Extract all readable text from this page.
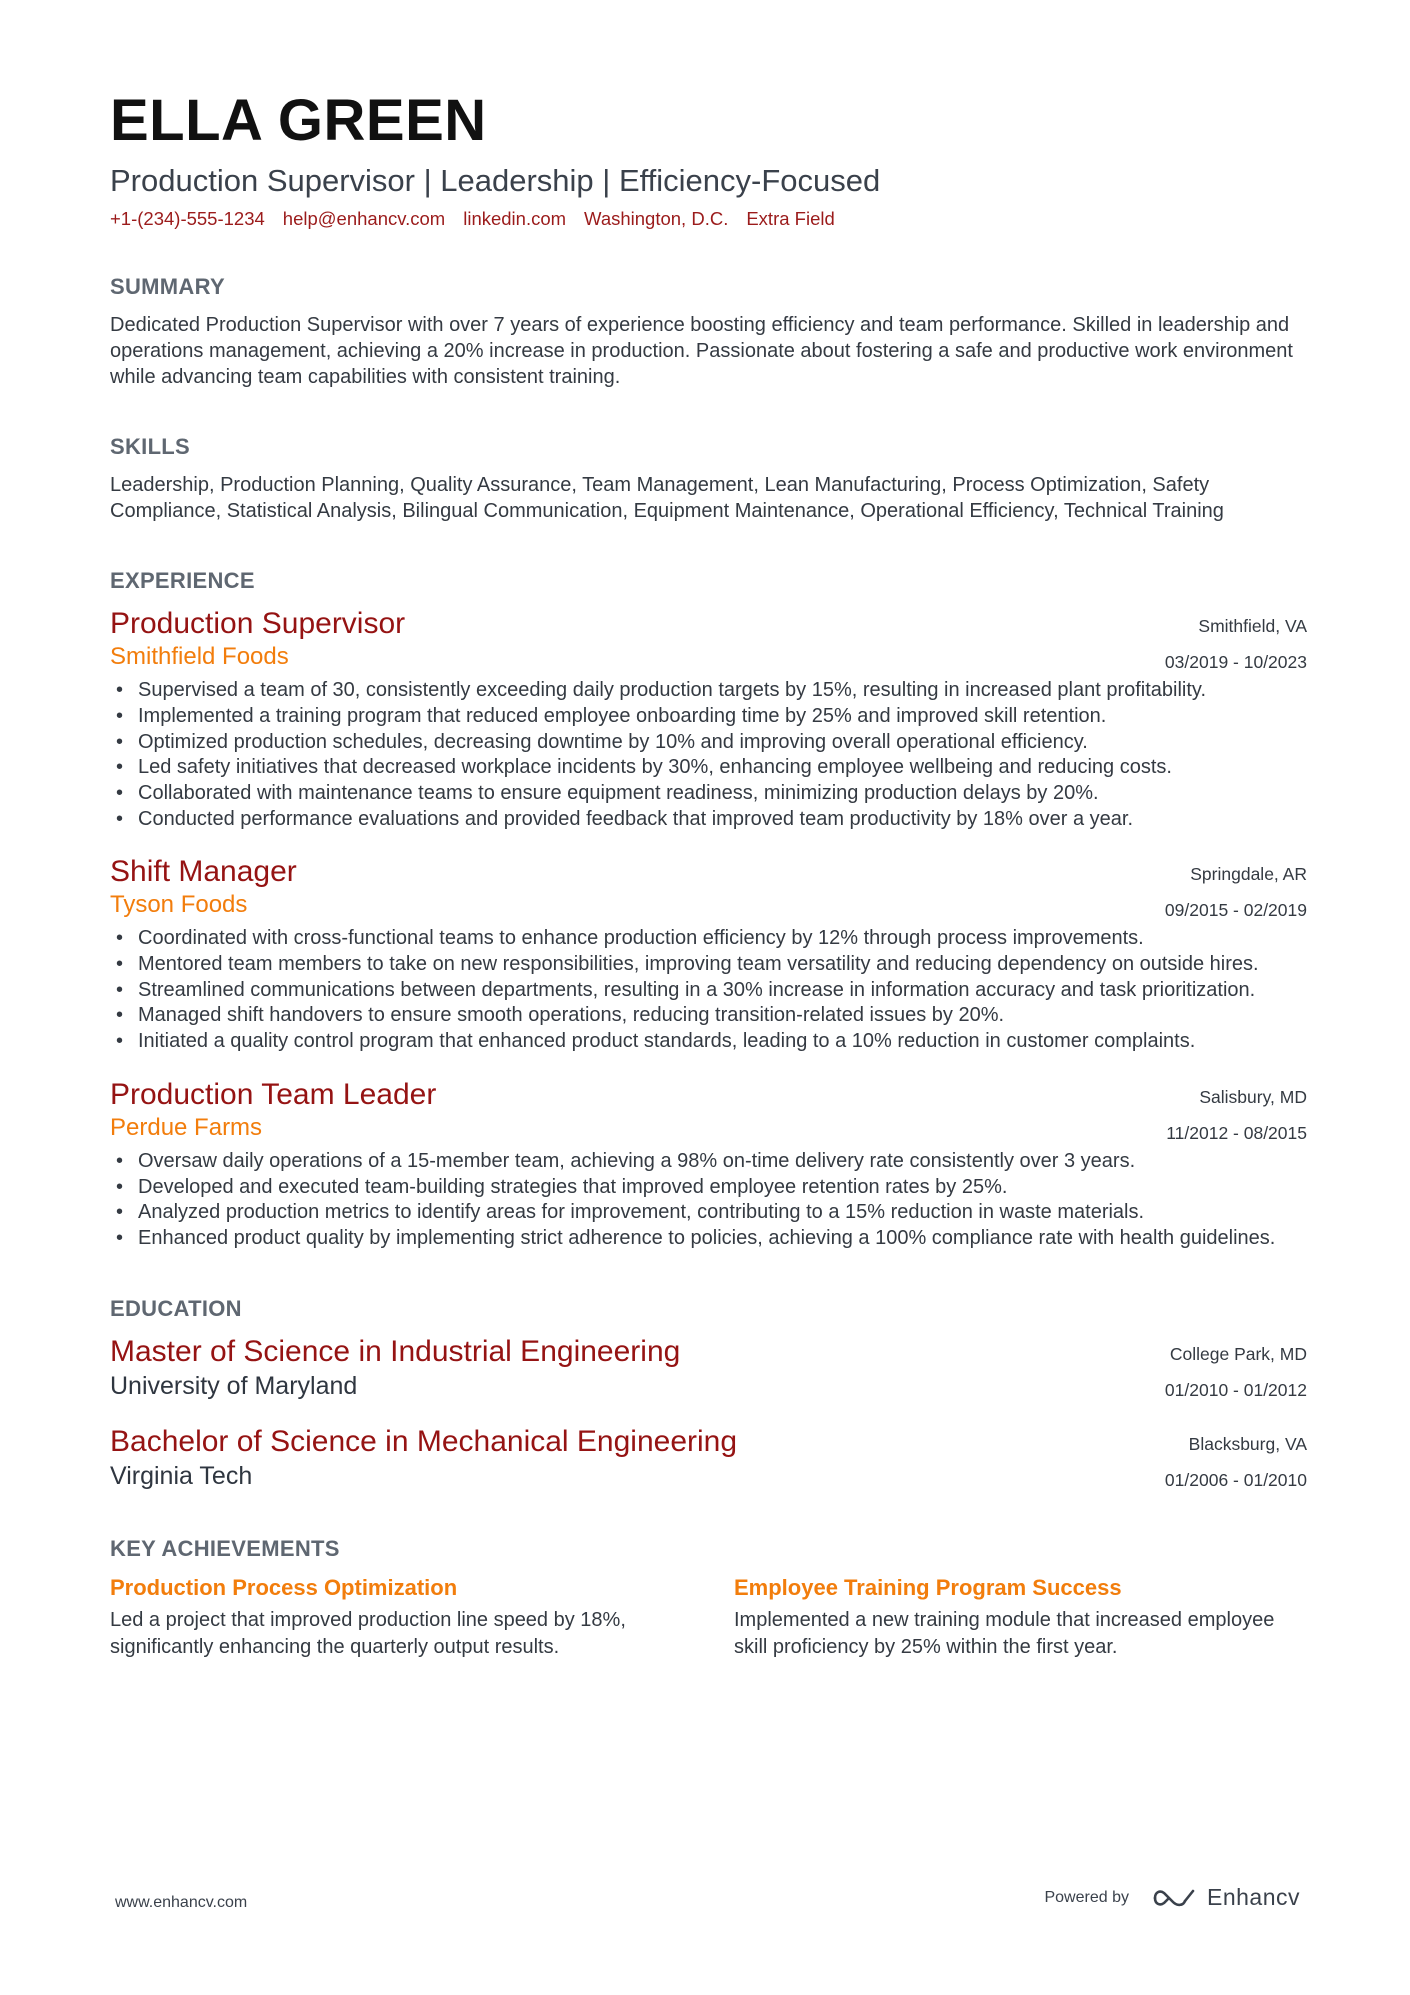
ELLA GREEN
Production Supervisor | Leadership | Efficiency-Focused
+1-(234)-555-1234 help@enhancv.com linkedin.com Washington, D.C. Extra Field
SUMMARY
Dedicated Production Supervisor with over 7 years of experience boosting efficiency and team performance. Skilled in leadership and operations management, achieving a 20% increase in production. Passionate about fostering a safe and productive work environment while advancing team capabilities with consistent training.
SKILLS
Leadership, Production Planning, Quality Assurance, Team Management, Lean Manufacturing, Process Optimization, Safety Compliance, Statistical Analysis, Bilingual Communication, Equipment Maintenance, Operational Efficiency, Technical Training
EXPERIENCE
Production Supervisor
Smithfield Foods
Smithfield, VA
03/2019 - 10/2023
• Supervised a team of 30, consistently exceeding daily production targets by 15%, resulting in increased plant profitability.
• Implemented a training program that reduced employee onboarding time by 25% and improved skill retention.
• Optimized production schedules, decreasing downtime by 10% and improving overall operational efficiency.
• Led safety initiatives that decreased workplace incidents by 30%, enhancing employee wellbeing and reducing costs.
• Collaborated with maintenance teams to ensure equipment readiness, minimizing production delays by 20%.
• Conducted performance evaluations and provided feedback that improved team productivity by 18% over a year.
Shift Manager
Tyson Foods
Springdale, AR
09/2015 - 02/2019
• Coordinated with cross-functional teams to enhance production efficiency by 12% through process improvements.
• Mentored team members to take on new responsibilities, improving team versatility and reducing dependency on outside hires.
• Streamlined communications between departments, resulting in a 30% increase in information accuracy and task prioritization.
• Managed shift handovers to ensure smooth operations, reducing transition-related issues by 20%.
• Initiated a quality control program that enhanced product standards, leading to a 10% reduction in customer complaints.
Production Team Leader
Perdue Farms
Salisbury, MD
11/2012 - 08/2015
• Oversaw daily operations of a 15-member team, achieving a 98% on-time delivery rate consistently over 3 years.
• Developed and executed team-building strategies that improved employee retention rates by 25%.
• Analyzed production metrics to identify areas for improvement, contributing to a 15% reduction in waste materials.
• Enhanced product quality by implementing strict adherence to policies, achieving a 100% compliance rate with health guidelines.
EDUCATION
Master of Science in Industrial Engineering
University of Maryland
College Park, MD
01/2010 - 01/2012
Bachelor of Science in Mechanical Engineering
Virginia Tech
Blacksburg, VA
01/2006 - 01/2010
KEY ACHIEVEMENTS
Production Process Optimization
Led a project that improved production line speed by 18%, significantly enhancing the quarterly output results.
Employee Training Program Success
Implemented a new training module that increased employee skill proficiency by 25% within the first year.
www.enhancv.com	Powered by	Enhancv
